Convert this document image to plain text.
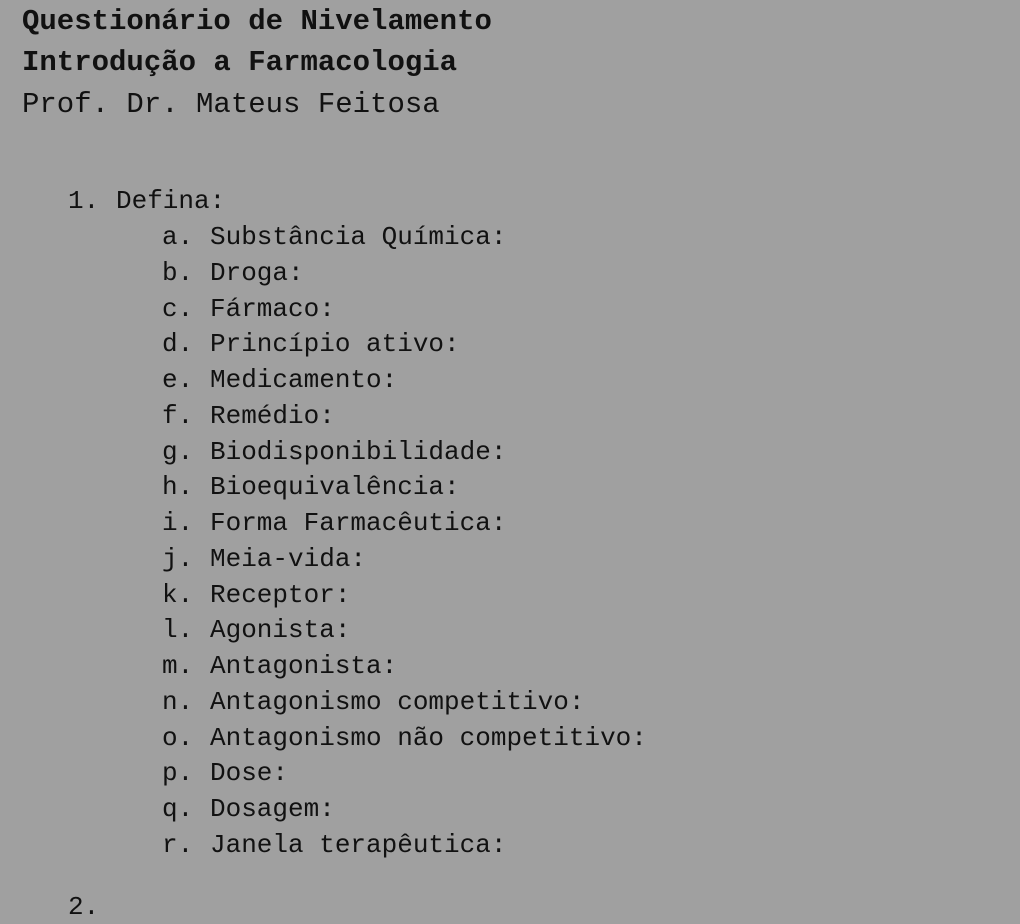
Questionário de Nivelamento
Introdução a Farmacologia
Prof. Dr. Mateus Feitosa
1. Defina:
a. Substância Química:
b. Droga:
c. Fármaco:
d. Princípio ativo:
e. Medicamento:
f. Remédio:
g. Biodisponibilidade:
h. Bioequivalência:
i. Forma Farmacêutica:
j. Meia-vida:
k. Receptor:
l. Agonista:
m. Antagonista:
n. Antagonismo competitivo:
o. Antagonismo não competitivo:
p. Dose:
q. Dosagem:
r. Janela terapêutica:
2.
